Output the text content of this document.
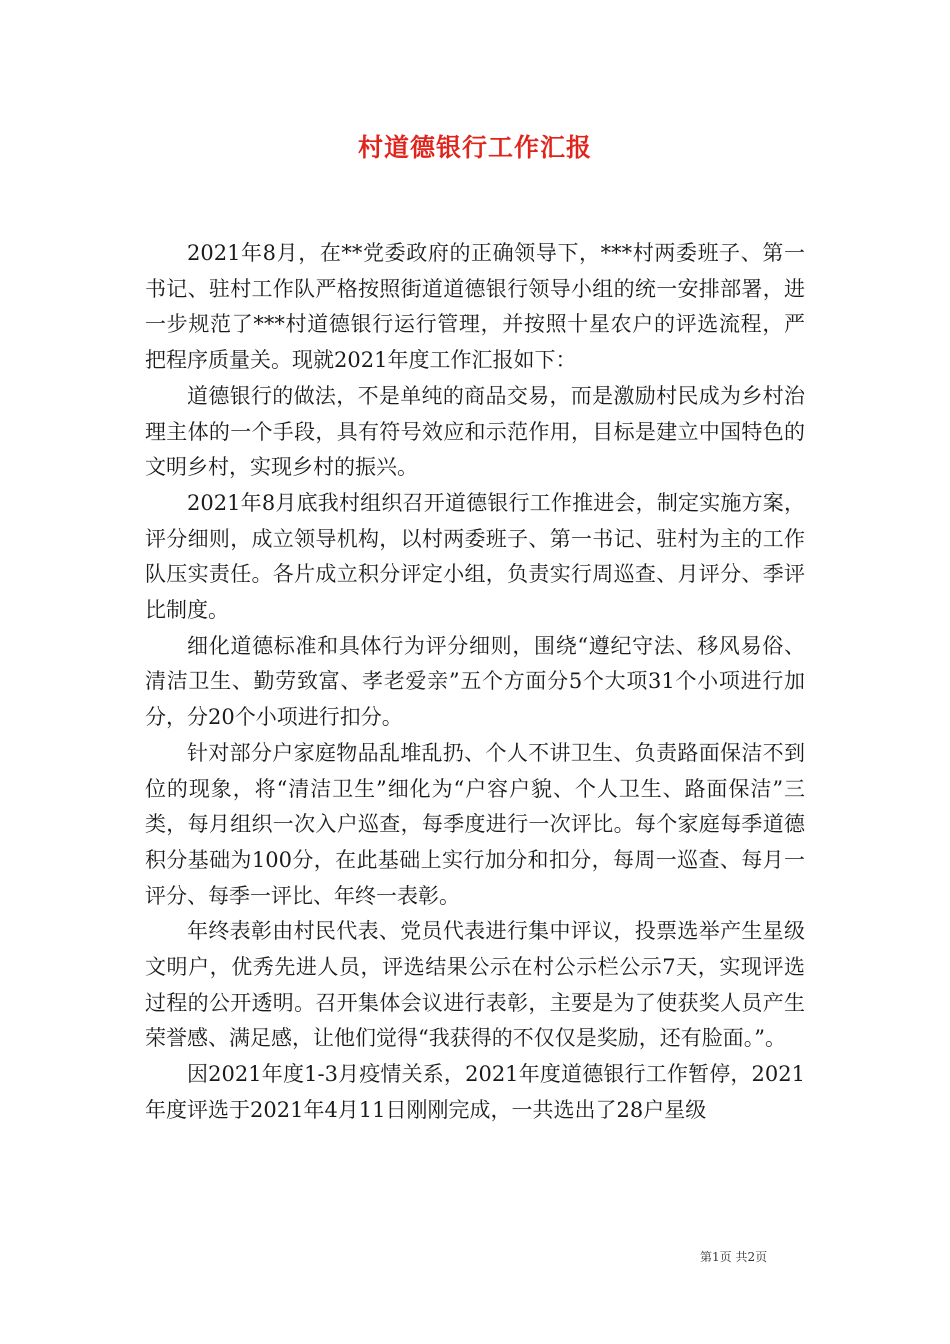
村道德银行工作汇报

2021年8月，在**党委政府的正确领导下，***村两委班子、第一书记、驻村工作队严格按照街道道德银行领导小组的统一安排部署，进一步规范了***村道德银行运行管理，并按照十星农户的评选流程，严把程序质量关。现就2021年度工作汇报如下：

道德银行的做法，不是单纯的商品交易，而是激励村民成为乡村治理主体的一个手段，具有符号效应和示范作用，目标是建立中国特色的文明乡村，实现乡村的振兴。

2021年8月底我村组织召开道德银行工作推进会，制定实施方案，评分细则，成立领导机构，以村两委班子、第一书记、驻村为主的工作队压实责任。各片成立积分评定小组，负责实行周巡查、月评分、季评比制度。

细化道德标准和具体行为评分细则，围绕“遵纪守法、移风易俗、清洁卫生、勤劳致富、孝老爱亲”五个方面分5个大项31个小项进行加分，分20个小项进行扣分。

针对部分户家庭物品乱堆乱扔、个人不讲卫生、负责路面保洁不到位的现象，将“清洁卫生”细化为“户容户貌、个人卫生、路面保洁”三类，每月组织一次入户巡查，每季度进行一次评比。每个家庭每季道德积分基础为100分，在此基础上实行加分和扣分，每周一巡查、每月一评分、每季一评比、年终一表彰。

年终表彰由村民代表、党员代表进行集中评议，投票选举产生星级文明户，优秀先进人员，评选结果公示在村公示栏公示7天，实现评选过程的公开透明。召开集体会议进行表彰，主要是为了使获奖人员产生荣誉感、满足感，让他们觉得“我获得的不仅仅是奖励，还有脸面。”。

因2021年度1-3月疫情关系，2021年度道德银行工作暂停，2021年度评选于2021年4月11日刚刚完成，一共选出了28户星级

第1页 共2页
